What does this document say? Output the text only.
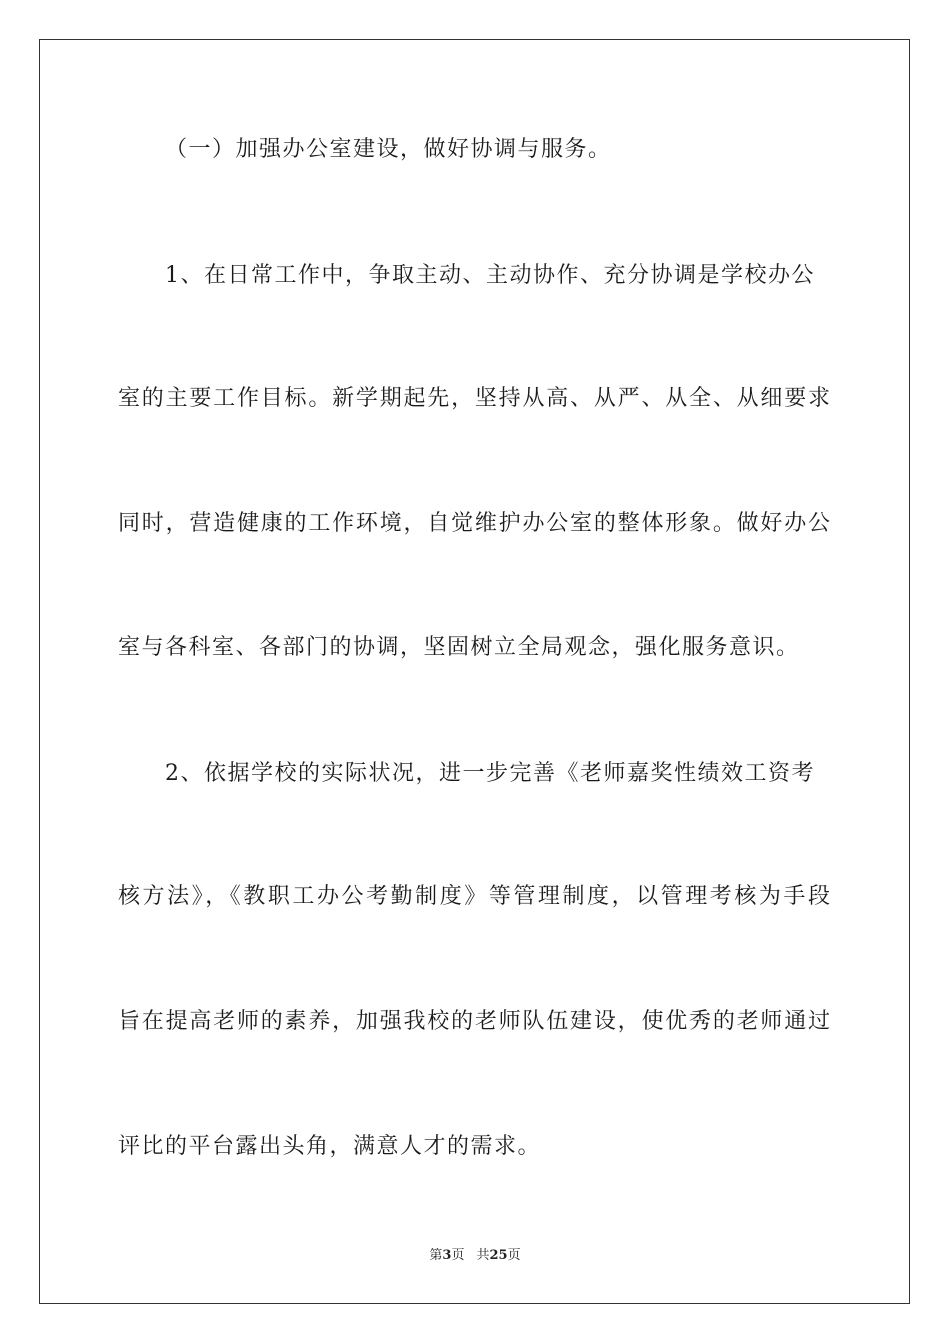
（一）加强办公室建设，做好协调与服务。
1、在日常工作中，争取主动、主动协作、充分协调是学校办公
室的主要工作目标。新学期起先，坚持从高、从严、从全、从细要求
同时，营造健康的工作环境，自觉维护办公室的整体形象。做好办公
室与各科室、各部门的协调，坚固树立全局观念，强化服务意识。
2、依据学校的实际状况，进一步完善《老师嘉奖性绩效工资考
核方法》，《教职工办公考勤制度》等管理制度，以管理考核为手段
旨在提高老师的素养，加强我校的老师队伍建设，使优秀的老师通过
评比的平台露出头角，满意人才的需求。
第3页 共25页
